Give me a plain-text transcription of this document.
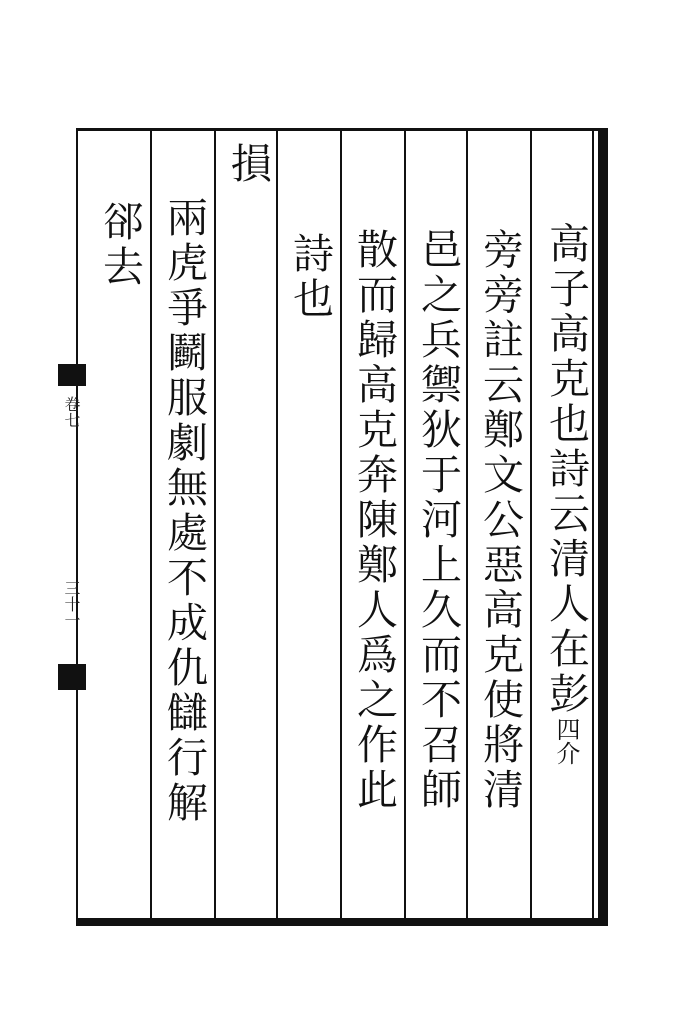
卷七
三十一	高子高克也詩云清人在彭四介
旁旁註云鄭文公惡高克使將清
邑之兵禦狄于河上久而不召師
散而歸高克奔陳鄭人爲之作此
詩也
損
兩虎爭鬬服劇無處不成仇讎行解
郤去
